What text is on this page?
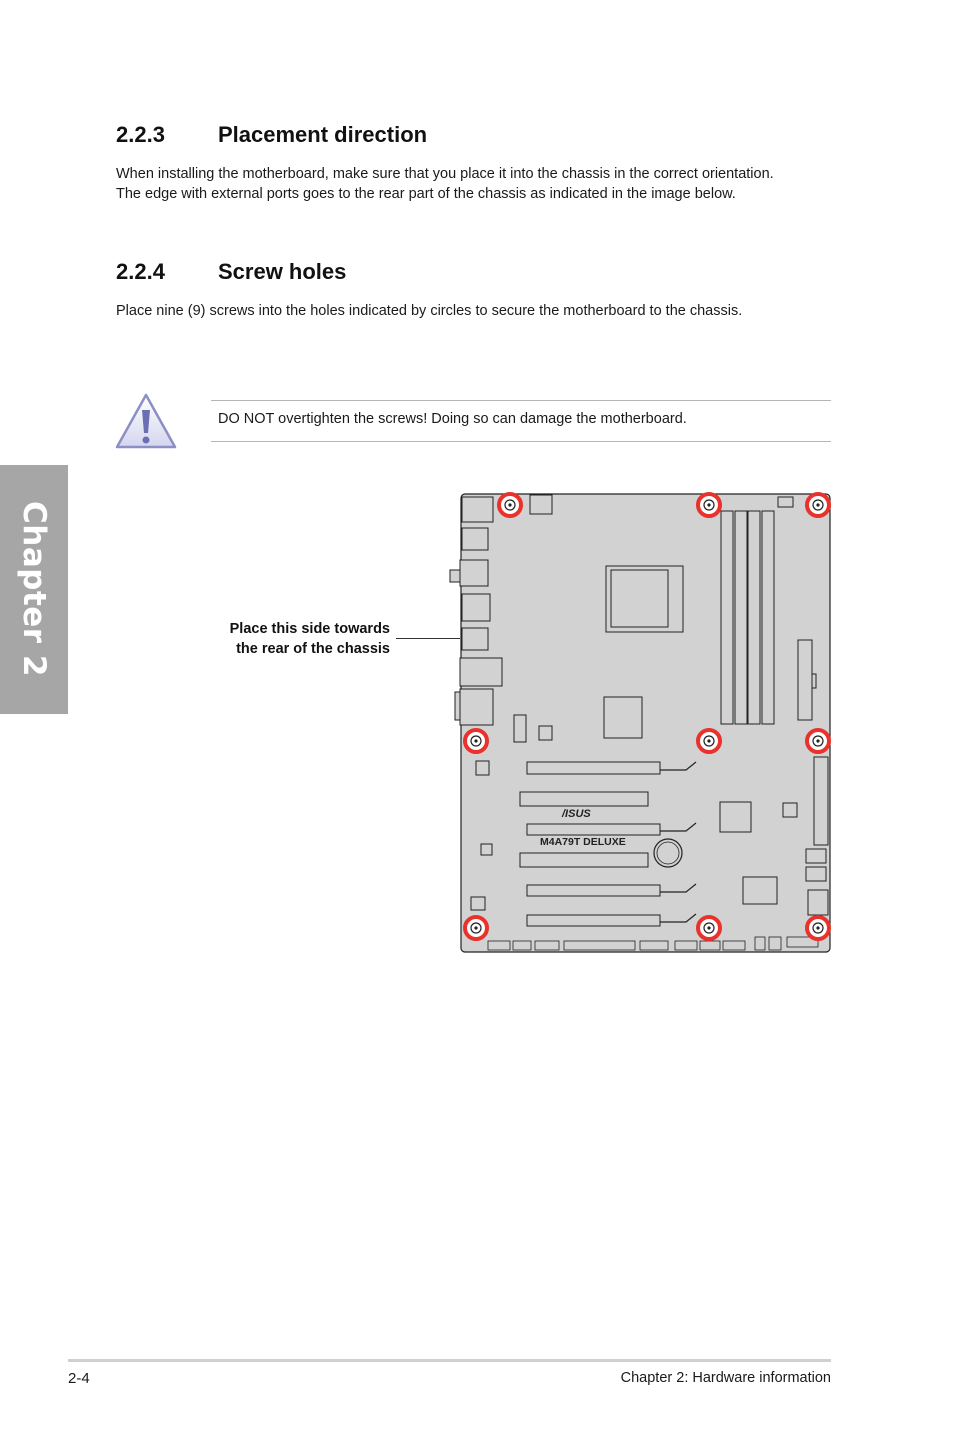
Chapter 2
2.2.3 Placement direction
When installing the motherboard, make sure that you place it into the chassis in the correct orientation.
The edge with external ports goes to the rear part of the chassis as indicated in the image below.
2.2.4 Screw holes
Place nine (9) screws into the holes indicated by circles to secure the motherboard to the chassis.
DO NOT overtighten the screws! Doing so can damage the motherboard.
Place this side towards
the rear of the chassis
/ISUS
M4A79T DELUXE
2-4	Chapter 2: Hardware information
